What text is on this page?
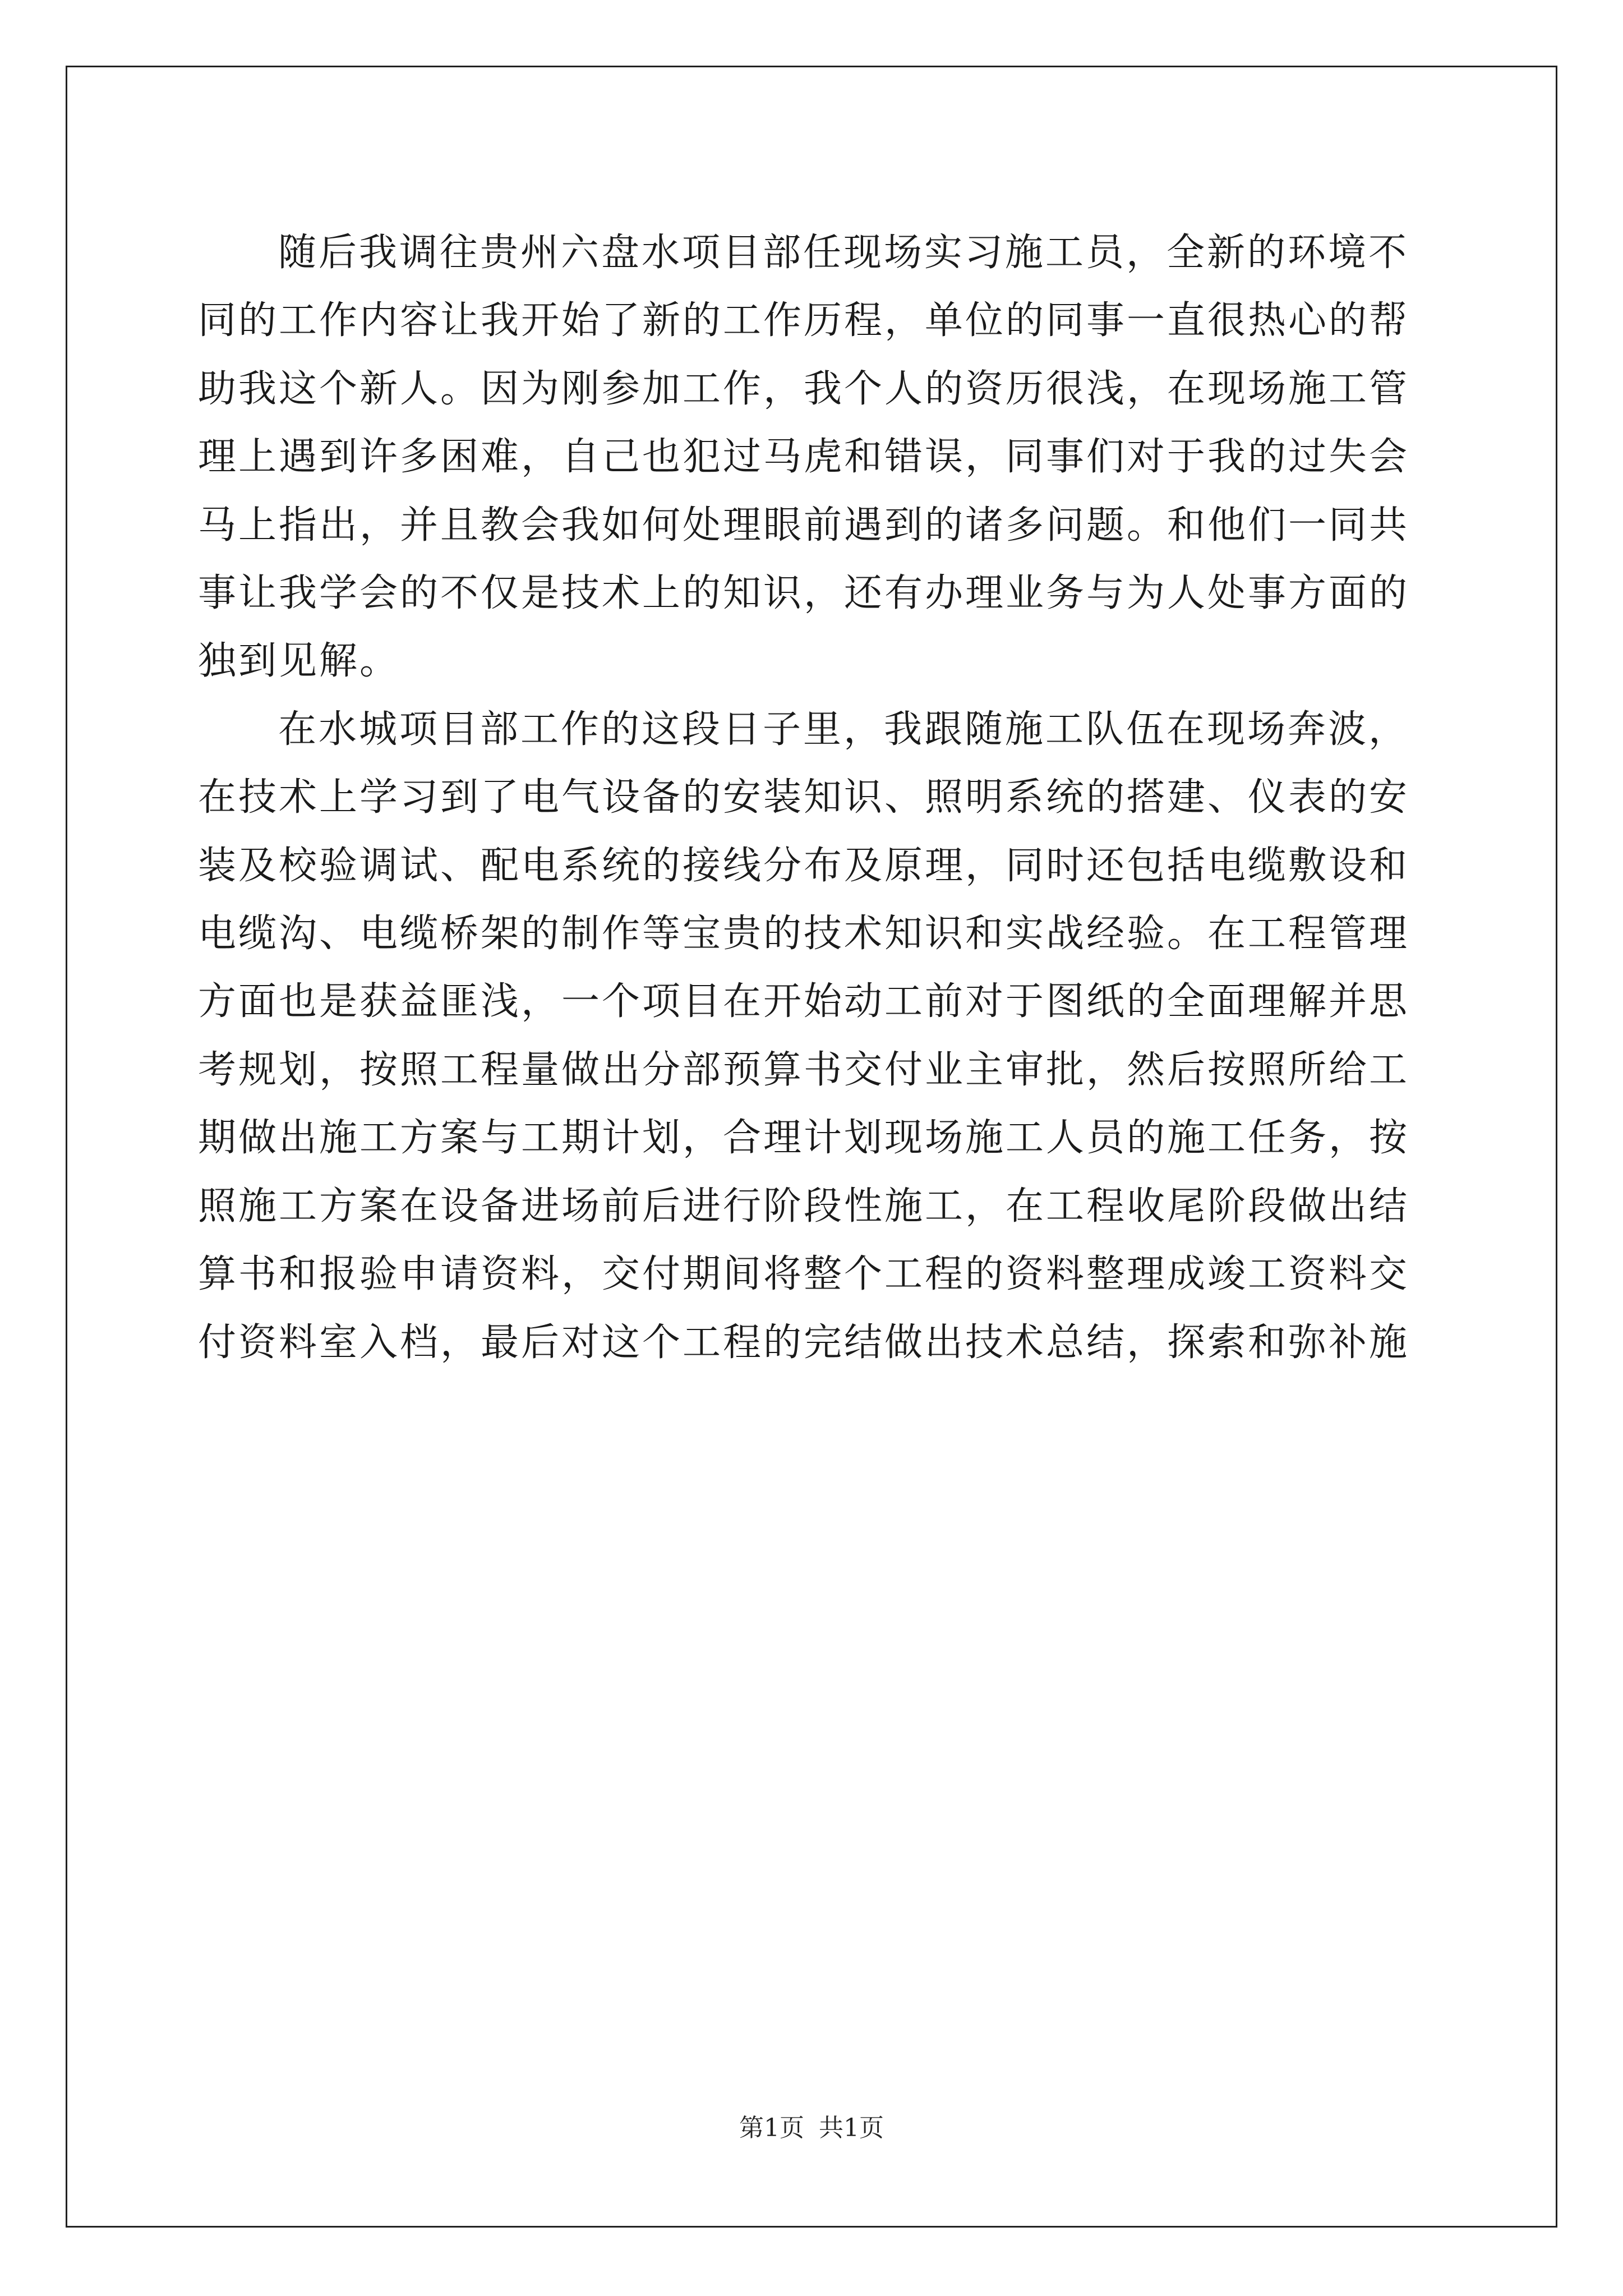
随后我调往贵州六盘水项目部任现场实习施工员，全新的环境不
同的工作内容让我开始了新的工作历程，单位的同事一直很热心的帮
助我这个新人。因为刚参加工作，我个人的资历很浅，在现场施工管
理上遇到许多困难，自己也犯过马虎和错误，同事们对于我的过失会
马上指出，并且教会我如何处理眼前遇到的诸多问题。和他们一同共
事让我学会的不仅是技术上的知识，还有办理业务与为人处事方面的
独到见解。

在水城项目部工作的这段日子里，我跟随施工队伍在现场奔波，
在技术上学习到了电气设备的安装知识、照明系统的搭建、仪表的安
装及校验调试、配电系统的接线分布及原理，同时还包括电缆敷设和
电缆沟、电缆桥架的制作等宝贵的技术知识和实战经验。在工程管理
方面也是获益匪浅，一个项目在开始动工前对于图纸的全面理解并思
考规划，按照工程量做出分部预算书交付业主审批，然后按照所给工
期做出施工方案与工期计划，合理计划现场施工人员的施工任务，按
照施工方案在设备进场前后进行阶段性施工，在工程收尾阶段做出结
算书和报验申请资料，交付期间将整个工程的资料整理成竣工资料交
付资料室入档，最后对这个工程的完结做出技术总结，探索和弥补施

第1页 共1页
